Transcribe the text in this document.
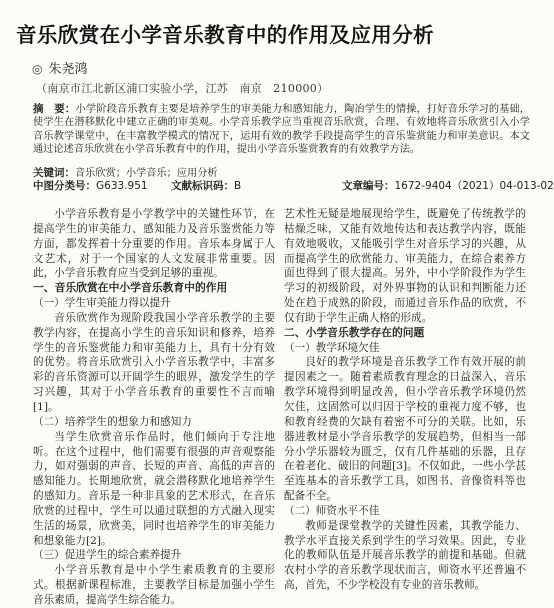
音乐欣赏在小学音乐教育中的作用及应用分析
◎ 朱尧鸿
（南京市江北新区浦口实验小学，江苏　南京　210000）
摘　要：小学阶段音乐教育主要是培养学生的审美能力和感知能力，陶冶学生的情操，打好音乐学习的基础，使学生在潜移默化中建立正确的审美观。小学音乐教学应当重视音乐欣赏，合理、有效地将音乐欣赏引入小学音乐教学课堂中，在丰富教学模式的情况下，运用有效的教学手段提高学生的音乐鉴赏能力和审美意识。本文通过论述音乐欣赏在小学音乐教育中的作用，提出小学音乐鉴赏教育的有效教学方法。
关键词：音乐欣赏；小学音乐；应用分析
中图分类号：G633.951 文献标识码：B	文章编号：1672-9404（2021）04-013-02

小学音乐教育是小学教学中的关键性环节，在提高学生的审美能力、感知能力及音乐鉴赏能力等方面，都发挥着十分重要的作用。音乐本身属于人文艺术，对于一个国家的人文发展非常重要。因此，小学音乐教育应当受到足够的重视。

一、音乐欣赏在中小学音乐教育中的作用

（一）学生审美能力得以提升

音乐欣赏作为现阶段我国小学音乐教学的主要教学内容，在提高小学生的音乐知识和修养，培养学生的音乐鉴赏能力和审美能力上，具有十分有效的优势。将音乐欣赏引入小学音乐教学中，丰富多彩的音乐资源可以开阔学生的眼界，激发学生的学习兴趣，其对于小学音乐教育的重要性不言而喻[1]。

（二）培养学生的想象力和感知力

当学生欣赏音乐作品时，他们倾向于专注地听。在这个过程中，他们需要有很强的声音观察能力，如对强弱的声音、长短的声音、高低的声音的感知能力。长期地欣赏，就会潜移默化地培养学生的感知力。音乐是一种非具象的艺术形式，在音乐欣赏的过程中，学生可以通过联想的方式融入现实生活的场景，欣赏美，同时也培养学生的审美能力和想象能力[2]。

（三）促进学生的综合素养提升

小学音乐教育是中小学生素质教育的主要形式。根据新课程标准，主要教学目标是加强小学生音乐素质，提高学生综合能力。

艺术性无疑是地展现给学生，既避免了传统教学的枯燥乏味，又能有效地传达和表达教学内容，既能有效地吸收，又能吸引学生对音乐学习的兴趣，从而提高学生的欣赏能力、审美能力，在综合素养方面也得到了很大提高。另外，中小学阶段作为学生学习的初级阶段，对外界事物的认识和判断能力还处在趋于成熟的阶段，而通过音乐作品的欣赏，不仅有助于学生正确人格的形成。

二、小学音乐教学存在的问题

（一）教学环境欠佳

良好的教学环境是音乐教学工作有效开展的前提因素之一。随着素质教育理念的日益深入，音乐教学环境得到明显改善，但小学音乐教学环境仍然欠佳，这固然可以归因于学校的重视力度不够，也和教育经费的欠缺有着密不可分的关联。比如，乐器进教材是小学音乐教学的发展趋势，但相当一部分小学乐器较为匮乏，仅有几件基础的乐器，且存在着老化、破旧的问题[3]。不仅如此，一些小学甚至连基本的音乐教学工具，如图书、音像资料等也配备不全。

（二）师资水平不佳

教师是课堂教学的关键性因素，其教学能力、教学水平直接关系到学生的学习效果。因此，专业化的教师队伍是开展音乐教学的前提和基础。但就农村小学的音乐教学现状而言，师资水平还普遍不高，首先，不少学校没有专业的音乐教师。
